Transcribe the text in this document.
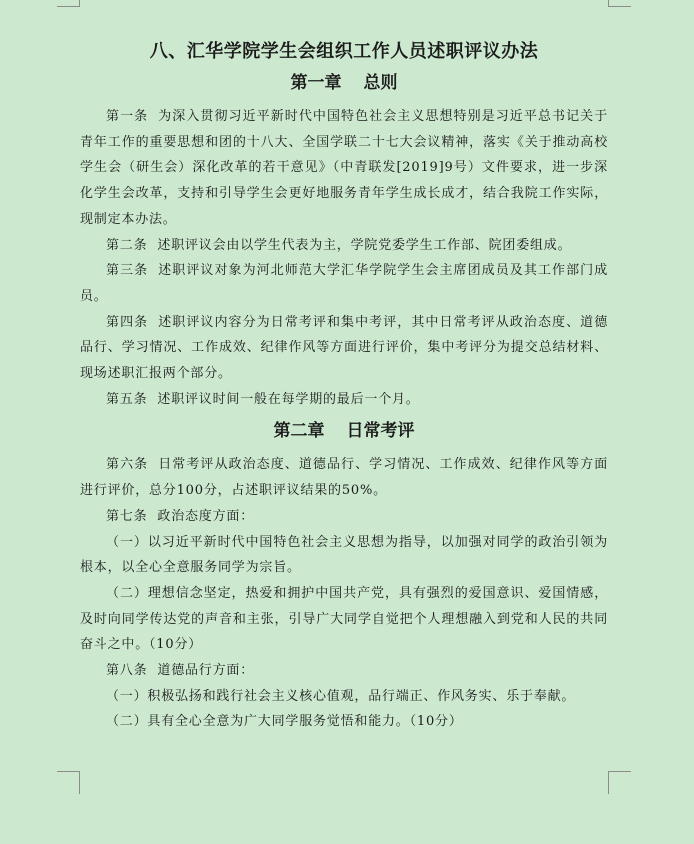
八、汇华学院学生会组织工作人员述职评议办法
第一章 总则

第一条 为深入贯彻习近平新时代中国特色社会主义思想特别是习近平总书记关于青年工作的重要思想和团的十八大、全国学联二十七大会议精神，落实《关于推动高校学生会（研生会）深化改革的若干意见》（中青联发[2019]9号）文件要求，进一步深化学生会改革，支持和引导学生会更好地服务青年学生成长成才，结合我院工作实际，现制定本办法。

第二条 述职评议会由以学生代表为主，学院党委学生工作部、院团委组成。

第三条 述职评议对象为河北师范大学汇华学院学生会主席团成员及其工作部门成员。

第四条 述职评议内容分为日常考评和集中考评，其中日常考评从政治态度、道德品行、学习情况、工作成效、纪律作风等方面进行评价，集中考评分为提交总结材料、现场述职汇报两个部分。

第五条 述职评议时间一般在每学期的最后一个月。

第二章 日常考评

第六条 日常考评从政治态度、道德品行、学习情况、工作成效、纪律作风等方面进行评价，总分100分，占述职评议结果的50%。

第七条 政治态度方面：

（一）以习近平新时代中国特色社会主义思想为指导，以加强对同学的政治引领为根本，以全心全意服务同学为宗旨。

（二）理想信念坚定，热爱和拥护中国共产党，具有强烈的爱国意识、爱国情感，及时向同学传达党的声音和主张，引导广大同学自觉把个人理想融入到党和人民的共同奋斗之中。（10分）

第八条 道德品行方面：

（一）积极弘扬和践行社会主义核心值观，品行端正、作风务实、乐于奉献。

（二）具有全心全意为广大同学服务觉悟和能力。（10分）
